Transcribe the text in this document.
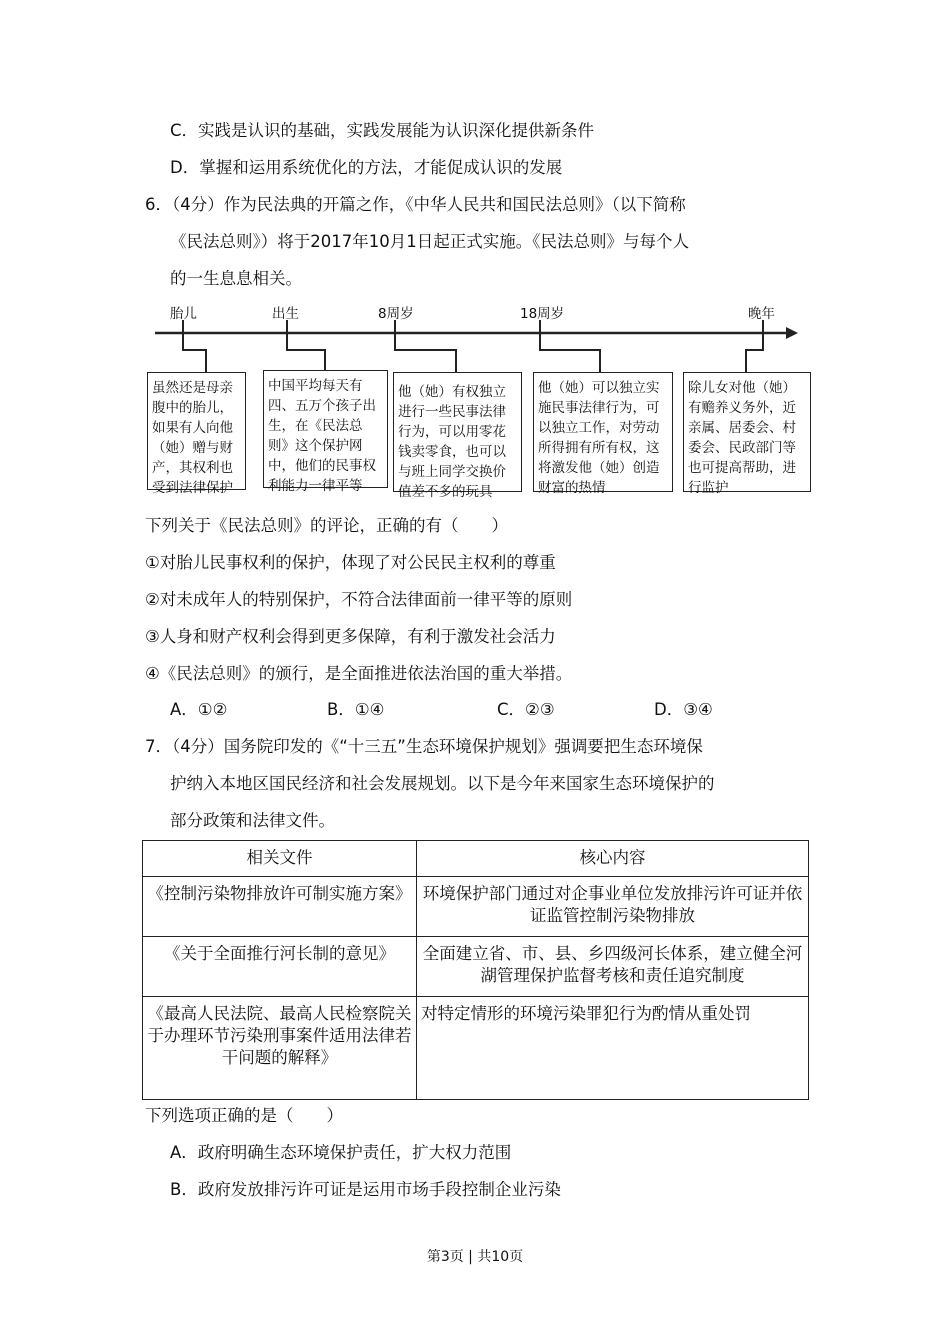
C．实践是认识的基础，实践发展能为认识深化提供新条件
D．掌握和运用系统优化的方法，才能促成认识的发展
6．（4分）作为民法典的开篇之作，《中华人民共和国民法总则》（以下简称
《民法总则》）将于2017年10月1日起正式实施。《民法总则》与每个人
的一生息息相关。
胎儿	出生	8周岁	18周岁	晚年
虽然还是母亲
腹中的胎儿，
如果有人向他
（她）赠与财
产，其权利也
受到法律保护
中国平均每天有
四、五万个孩子出
生，在《民法总
则》这个保护网
中，他们的民事权
利能力一律平等
他（她）有权独立
进行一些民事法律
行为，可以用零花
钱卖零食，也可以
与班上同学交换价
值差不多的玩具
他（她）可以独立实
施民事法律行为，可
以独立工作，对劳动
所得拥有所有权，这
将激发他（她）创造
财富的热情
除儿女对他（她）
有赡养义务外，近
亲属、居委会、村
委会、民政部门等
也可提高帮助，进
行监护
下列关于《民法总则》的评论，正确的有（　　）
①对胎儿民事权利的保护，体现了对公民民主权利的尊重
②对未成年人的特别保护，不符合法律面前一律平等的原则
③人身和财产权利会得到更多保障，有利于激发社会活力
④《民法总则》的颁行，是全面推进依法治国的重大举措。
A．①②	B．①④	C．②③	D．③④
7．（4分）国务院印发的《“十三五”生态环境保护规划》强调要把生态环境保
护纳入本地区国民经济和社会发展规划。以下是今年来国家生态环境保护的
部分政策和法律文件。
相关文件	核心内容
《控制污染物排放许可制实施方案》	环境保护部门通过对企事业单位发放排污许可证并依证监管控制污染物排放
《关于全面推行河长制的意见》	全面建立省、市、县、乡四级河长体系，建立健全河湖管理保护监督考核和责任追究制度
《最高人民法院、最高人民检察院关于办理环节污染刑事案件适用法律若干问题的解释》	对特定情形的环境污染罪犯行为酌情从重处罚
下列选项正确的是（　　）
A．政府明确生态环境保护责任，扩大权力范围
B．政府发放排污许可证是运用市场手段控制企业污染
第3页 | 共10页
